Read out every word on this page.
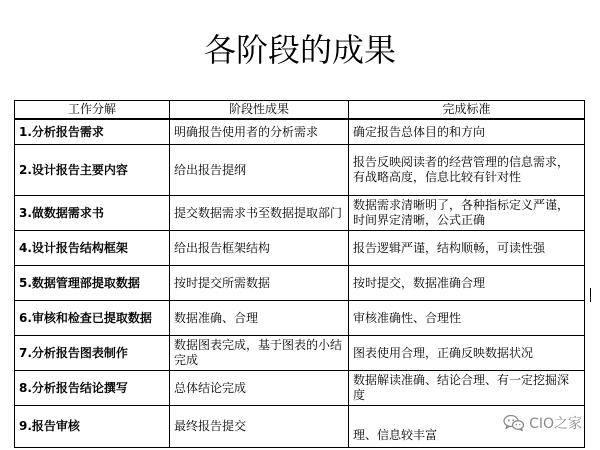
各阶段的成果
工作分解	阶段性成果	完成标准
1.分析报告需求	明确报告使用者的分析需求	确定报告总体目的和方向
2.设计报告主要内容	给出报告提纲	报告反映阅读者的经营管理的信息需求，有战略高度，信息比较有针对性
3.做数据需求书	提交数据需求书至数据提取部门	数据需求清晰明了，各种指标定义严谨，时间界定清晰，公式正确
4.设计报告结构框架	给出报告框架结构	报告逻辑严谨，结构顺畅，可读性强
5.数据管理部提取数据	按时提交所需数据	按时提交，数据准确合理
6.审核和检查已提取数据	数据准确、合理	审核准确性、合理性
7.分析报告图表制作	数据图表完成，基于图表的小结完成	图表使用合理，正确反映数据状况
8.分析报告结论撰写	总体结论完成	数据解读准确、结论合理、有一定挖掘深度
9.报告审核	最终报告提交	理、信息较丰富
CIO之家
